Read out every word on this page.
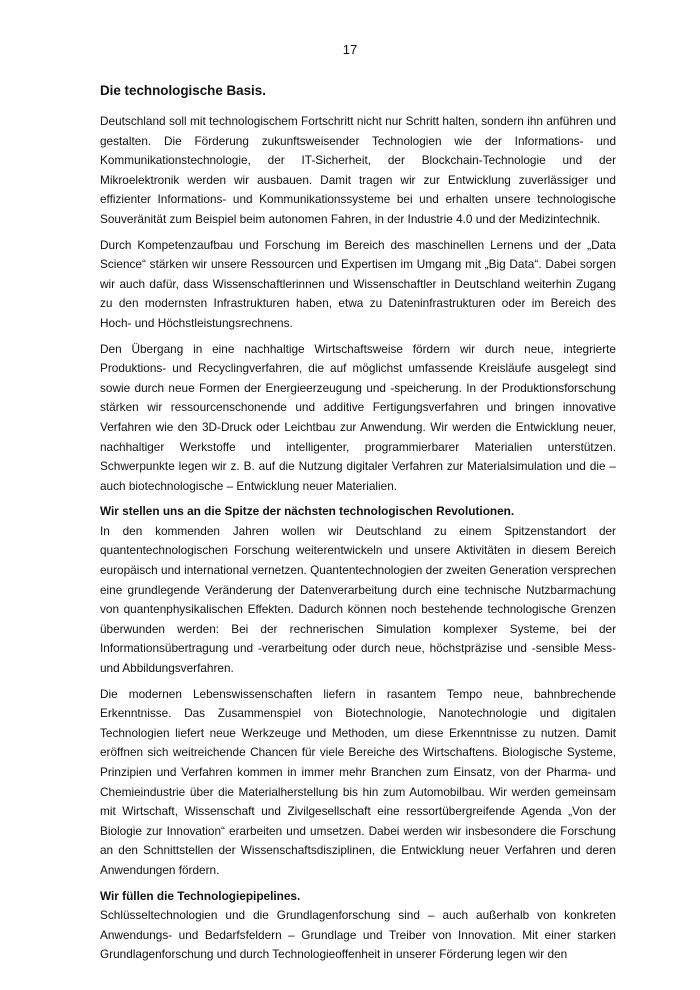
17
Die technologische Basis.

Deutschland soll mit technologischem Fortschritt nicht nur Schritt halten, sondern ihn anführen und gestalten. Die Förderung zukunftsweisender Technologien wie der Informations- und Kommunikationstechnologie, der IT-Sicherheit, der Blockchain-Technologie und der Mikroelektronik werden wir ausbauen. Damit tragen wir zur Entwicklung zuverlässiger und effizienter Informations- und Kommunikationssysteme bei und erhalten unsere technologische Souveränität zum Beispiel beim autonomen Fahren, in der Industrie 4.0 und der Medizintechnik.

Durch Kompetenzaufbau und Forschung im Bereich des maschinellen Lernens und der „Data Science“ stärken wir unsere Ressourcen und Expertisen im Umgang mit „Big Data“. Dabei sorgen wir auch dafür, dass Wissenschaftlerinnen und Wissenschaftler in Deutschland weiterhin Zugang zu den modernsten Infrastrukturen haben, etwa zu Dateninfrastrukturen oder im Bereich des Hoch- und Höchstleistungsrechnens.

Den Übergang in eine nachhaltige Wirtschaftsweise fördern wir durch neue, integrierte Produktions- und Recyclingverfahren, die auf möglichst umfassende Kreisläufe ausgelegt sind sowie durch neue Formen der Energieerzeugung und -speicherung. In der Produktionsforschung stärken wir ressourcenschonende und additive Fertigungsverfahren und bringen innovative Verfahren wie den 3D-Druck oder Leichtbau zur Anwendung. Wir werden die Entwicklung neuer, nachhaltiger Werkstoffe und intelligenter, programmierbarer Materialien unterstützen. Schwerpunkte legen wir z. B. auf die Nutzung digitaler Verfahren zur Materialsimulation und die – auch biotechnologische – Entwicklung neuer Materialien.

Wir stellen uns an die Spitze der nächsten technologischen Revolutionen.

In den kommenden Jahren wollen wir Deutschland zu einem Spitzenstandort der quantentechnologischen Forschung weiterentwickeln und unsere Aktivitäten in diesem Bereich europäisch und international vernetzen. Quantentechnologien der zweiten Generation versprechen eine grundlegende Veränderung der Datenverarbeitung durch eine technische Nutzbarmachung von quantenphysikalischen Effekten. Dadurch können noch bestehende technologische Grenzen überwunden werden: Bei der rechnerischen Simulation komplexer Systeme, bei der Informationsübertragung und -verarbeitung oder durch neue, höchstpräzise und -sensible Mess- und Abbildungsverfahren.

Die modernen Lebenswissenschaften liefern in rasantem Tempo neue, bahnbrechende Erkenntnisse. Das Zusammenspiel von Biotechnologie, Nanotechnologie und digitalen Technologien liefert neue Werkzeuge und Methoden, um diese Erkenntnisse zu nutzen. Damit eröffnen sich weitreichende Chancen für viele Bereiche des Wirtschaftens. Biologische Systeme, Prinzipien und Verfahren kommen in immer mehr Branchen zum Einsatz, von der Pharma- und Chemieindustrie über die Materialherstellung bis hin zum Automobilbau. Wir werden gemeinsam mit Wirtschaft, Wissenschaft und Zivilgesellschaft eine ressortübergreifende Agenda „Von der Biologie zur Innovation“ erarbeiten und umsetzen. Dabei werden wir insbesondere die Forschung an den Schnittstellen der Wissenschaftsdisziplinen, die Entwicklung neuer Verfahren und deren Anwendungen fördern.

Wir füllen die Technologiepipelines.

Schlüsseltechnologien und die Grundlagenforschung sind – auch außerhalb von konkreten Anwendungs- und Bedarfsfeldern – Grundlage und Treiber von Innovation. Mit einer starken Grundlagenforschung und durch Technologieoffenheit in unserer Förderung legen wir den
